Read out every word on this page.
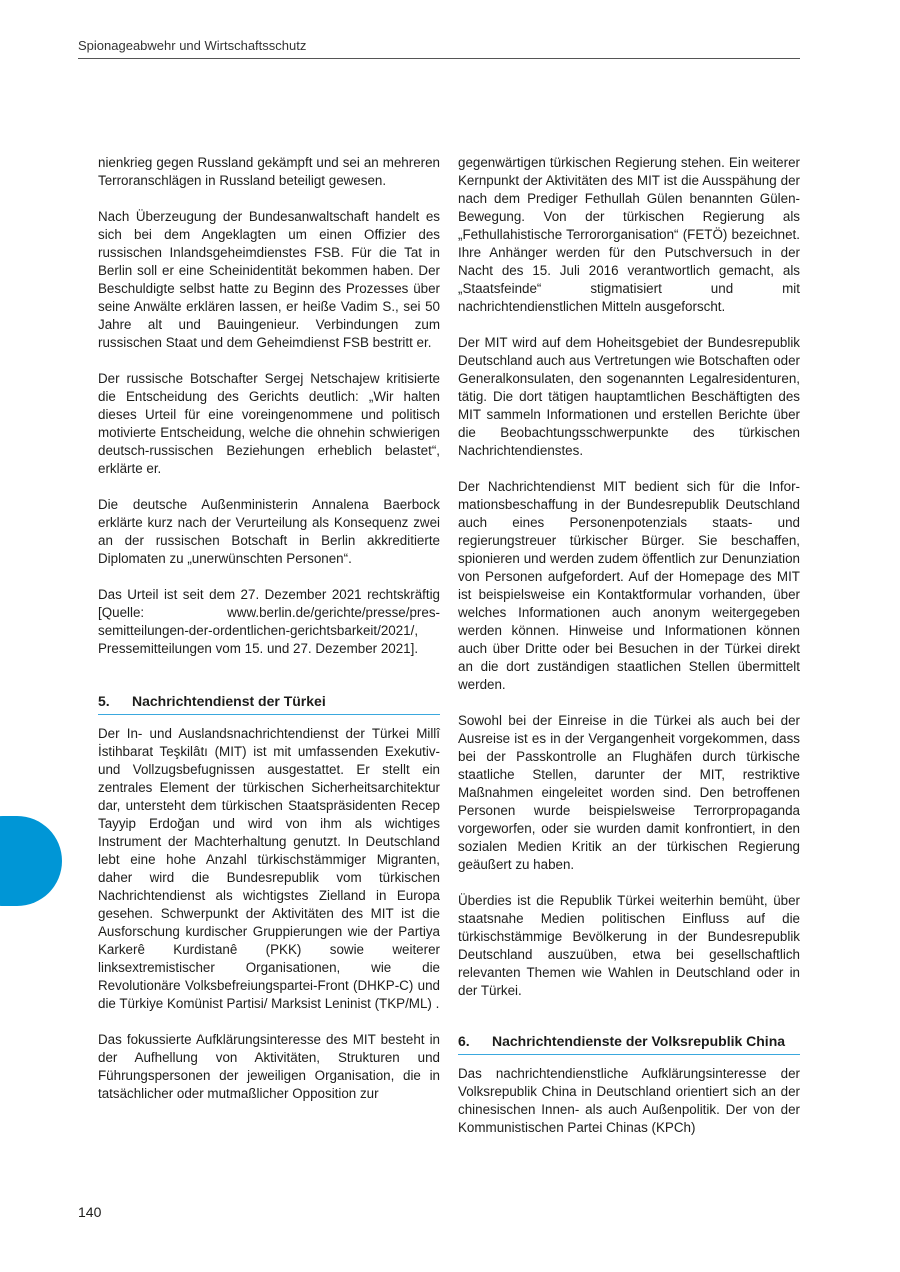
Spionageabwehr und Wirtschaftsschutz

nienkrieg gegen Russland gekämpft und sei an mehreren Terroranschlägen in Russland beteiligt gewesen.

Nach Überzeugung der Bundesanwaltschaft handelt es sich bei dem Angeklagten um einen Offizier des russischen Inlandsgeheimdienstes FSB. Für die Tat in Berlin soll er eine Scheinidentität bekommen haben. Der Beschuldigte selbst hatte zu Beginn des Prozesses über seine Anwälte erklären lassen, er heiße Vadim S., sei 50 Jahre alt und Bauingenieur. Verbindungen zum russischen Staat und dem Geheimdienst FSB bestritt er.

Der russische Botschafter Sergej Netschajew kritisierte die Entscheidung des Gerichts deutlich: „Wir halten dieses Urteil für eine voreingenommene und politisch motivierte Entscheidung, welche die ohnehin schwierigen deutsch-russischen Beziehungen erheblich belastet“, erklärte er.

Die deutsche Außenministerin Annalena Baerbock erklärte kurz nach der Verurteilung als Konsequenz zwei an der russischen Botschaft in Berlin akkreditierte Diplomaten zu „unerwünschten Personen“.

Das Urteil ist seit dem 27. Dezember 2021 rechtskräftig [Quelle: www.berlin.de/gerichte/presse/pressemitteilungen-der-ordentlichen-gerichtsbarkeit/2021/, Pressemitteilungen vom 15. und 27. Dezember 2021].

5.	Nachrichtendienst der Türkei

Der In- und Auslandsnachrichtendienst der Türkei Millî İstihbarat Teşkilâtı (MIT) ist mit umfassenden Exekutiv- und Vollzugsbefugnissen ausgestattet. Er stellt ein zentrales Element der türkischen Sicherheitsarchitektur dar, untersteht dem türkischen Staatspräsidenten Recep Tayyip Erdoğan und wird von ihm als wichtiges Instrument der Machterhaltung genutzt. In Deutschland lebt eine hohe Anzahl türkischstämmiger Migranten, daher wird die Bundesrepublik vom türkischen Nachrichtendienst als wichtigstes Zielland in Europa gesehen. Schwerpunkt der Aktivitäten des MIT ist die Ausforschung kurdischer Gruppierungen wie der Partiya Karkerê Kurdistanê (PKK) sowie weiterer linksextremistischer Organisationen, wie die Revolutionäre Volksbefreiungspartei-Front (DHKP-C) und die Türkiye Komünist Partisi/ Marksist Leninist (TKP/ML) .

Das fokussierte Aufklärungsinteresse des MIT besteht in der Aufhellung von Aktivitäten, Strukturen und Führungspersonen der jeweiligen Organisation, die in tatsächlicher oder mutmaßlicher Opposition zur

gegenwärtigen türkischen Regierung stehen. Ein weiterer Kernpunkt der Aktivitäten des MIT ist die Ausspähung der nach dem Prediger Fethullah Gülen benannten Gülen-Bewegung. Von der türkischen Regierung als „Fethullahistische Terrororganisation“ (FETÖ) bezeichnet. Ihre Anhänger werden für den Putschversuch in der Nacht des 15. Juli 2016 verantwortlich gemacht, als „Staatsfeinde“ stigmatisiert und mit nachrichtendienstlichen Mitteln ausgeforscht.

Der MIT wird auf dem Hoheitsgebiet der Bundesrepublik Deutschland auch aus Vertretungen wie Botschaften oder Generalkonsulaten, den sogenannten Legalresidenturen, tätig. Die dort tätigen hauptamtlichen Beschäftigten des MIT sammeln Informationen und erstellen Berichte über die Beobachtungsschwerpunkte des türkischen Nachrichtendienstes.

Der Nachrichtendienst MIT bedient sich für die Informationsbeschaffung in der Bundesrepublik Deutschland auch eines Personenpotenzials staats- und regierungstreuer türkischer Bürger. Sie beschaffen, spionieren und werden zudem öffentlich zur Denunziation von Personen aufgefordert. Auf der Homepage des MIT ist beispielsweise ein Kontaktformular vorhanden, über welches Informationen auch anonym weitergegeben werden können. Hinweise und Informationen können auch über Dritte oder bei Besuchen in der Türkei direkt an die dort zuständigen staatlichen Stellen übermittelt werden.

Sowohl bei der Einreise in die Türkei als auch bei der Ausreise ist es in der Vergangenheit vorgekommen, dass bei der Passkontrolle an Flughäfen durch türkische staatliche Stellen, darunter der MIT, restriktive Maßnahmen eingeleitet worden sind. Den betroffenen Personen wurde beispielsweise Terrorpropaganda vorgeworfen, oder sie wurden damit konfrontiert, in den sozialen Medien Kritik an der türkischen Regierung geäußert zu haben.

Überdies ist die Republik Türkei weiterhin bemüht, über staatsnahe Medien politischen Einfluss auf die türkischstämmige Bevölkerung in der Bundesrepublik Deutschland auszuüben, etwa bei gesellschaftlich relevanten Themen wie Wahlen in Deutschland oder in der Türkei.

6.	Nachrichtendienste der Volksrepublik China

Das nachrichtendienstliche Aufklärungsinteresse der Volksrepublik China in Deutschland orientiert sich an der chinesischen Innen- als auch Außenpolitik. Der von der Kommunistischen Partei Chinas (KPCh)

140
